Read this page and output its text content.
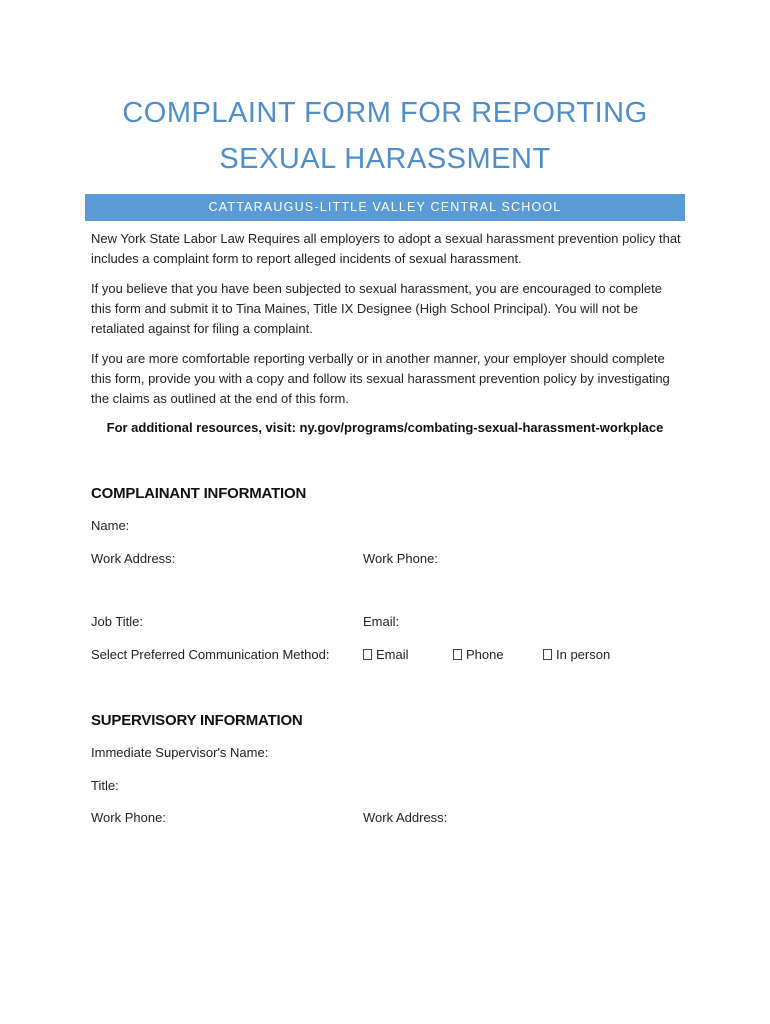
COMPLAINT FORM FOR REPORTING
SEXUAL HARASSMENT
CATTARAUGUS-LITTLE VALLEY CENTRAL SCHOOL
New York State Labor Law Requires all employers to adopt a sexual harassment prevention policy that includes a complaint form to report alleged incidents of sexual harassment.
If you believe that you have been subjected to sexual harassment, you are encouraged to complete this form and submit it to Tina Maines, Title IX Designee (High School Principal). You will not be retaliated against for filing a complaint.
If you are more comfortable reporting verbally or in another manner, your employer should complete this form, provide you with a copy and follow its sexual harassment prevention policy by investigating the claims as outlined at the end of this form.
For additional resources, visit: ny.gov/programs/combating-sexual-harassment-workplace
COMPLAINANT INFORMATION
Name:
Work Address:	Work Phone:
Job Title:	Email:
Select Preferred Communication Method:	Email	Phone	In person
SUPERVISORY INFORMATION
Immediate Supervisor's Name:
Title:
Work Phone:	Work Address:
